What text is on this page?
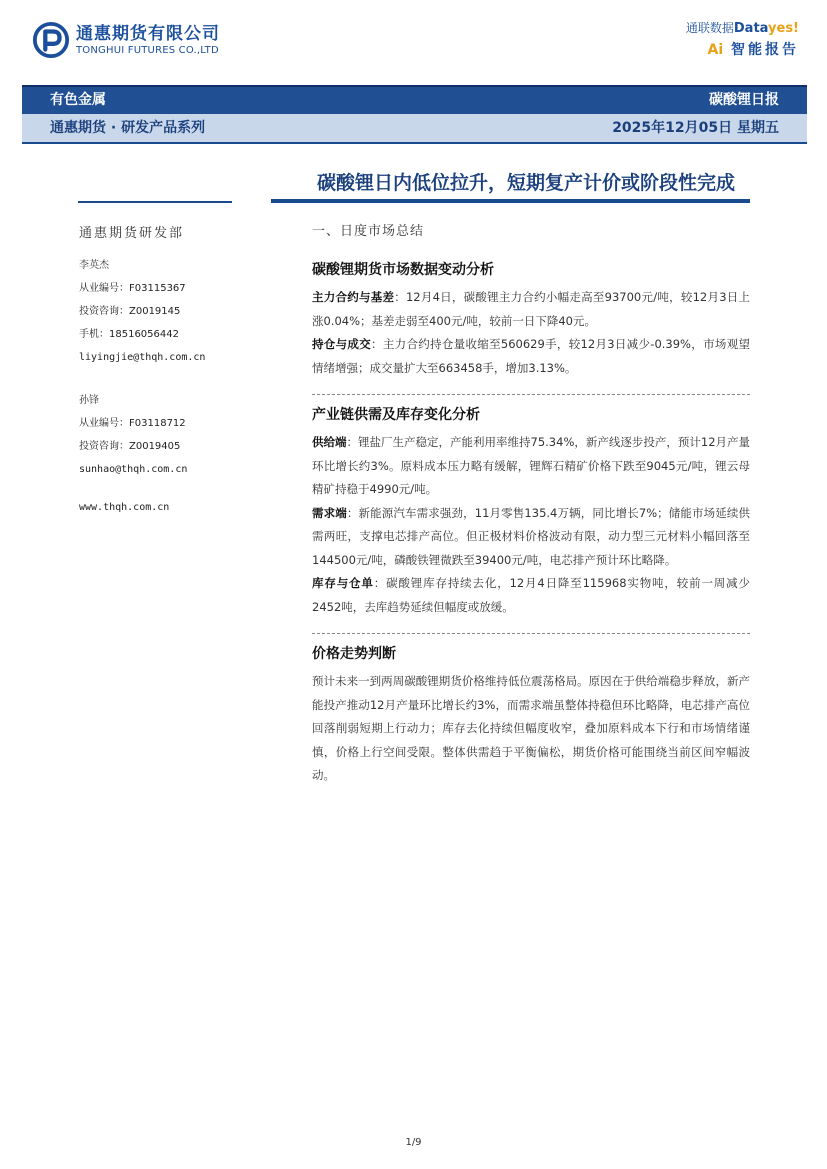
通惠期货有限公司
TONGHUI FUTURES CO.,LTD
通联数据Datayes!
Ai 智能报告
有色金属	碳酸锂日报
通惠期货 · 研发产品系列	2025年12月05日 星期五
碳酸锂日内低位拉升，短期复产计价或阶段性完成
通惠期货研发部
李英杰
从业编号：F03115367
投资咨询：Z0019145
手机：18516056442
liyingjie@thqh.com.cn
孙锋
从业编号：F03118712
投资咨询：Z0019405
sunhao@thqh.com.cn
www.thqh.com.cn
一、日度市场总结
碳酸锂期货市场数据变动分析

主力合约与基差：12月4日，碳酸锂主力合约小幅走高至93700元/吨，较12月3日上涨0.04%；基差走弱至400元/吨，较前一日下降40元。

持仓与成交：主力合约持仓量收缩至560629手，较12月3日减少-0.39%，市场观望情绪增强；成交量扩大至663458手，增加3.13%。

产业链供需及库存变化分析

供给端：锂盐厂生产稳定，产能利用率维持75.34%，新产线逐步投产，预计12月产量环比增长约3%。原料成本压力略有缓解，锂辉石精矿价格下跌至9045元/吨，锂云母精矿持稳于4990元/吨。

需求端：新能源汽车需求强劲，11月零售135.4万辆，同比增长7%；储能市场延续供需两旺，支撑电芯排产高位。但正极材料价格波动有限，动力型三元材料小幅回落至144500元/吨，磷酸铁锂微跌至39400元/吨，电芯排产预计环比略降。

库存与仓单：碳酸锂库存持续去化，12月4日降至115968实物吨，较前一周减少2452吨，去库趋势延续但幅度或放缓。

价格走势判断

预计未来一到两周碳酸锂期货价格维持低位震荡格局。原因在于供给端稳步释放，新产能投产推动12月产量环比增长约3%，而需求端虽整体持稳但环比略降，电芯排产高位回落削弱短期上行动力；库存去化持续但幅度收窄，叠加原料成本下行和市场情绪谨慎，价格上行空间受限。整体供需趋于平衡偏松，期货价格可能围绕当前区间窄幅波动。

1/9
